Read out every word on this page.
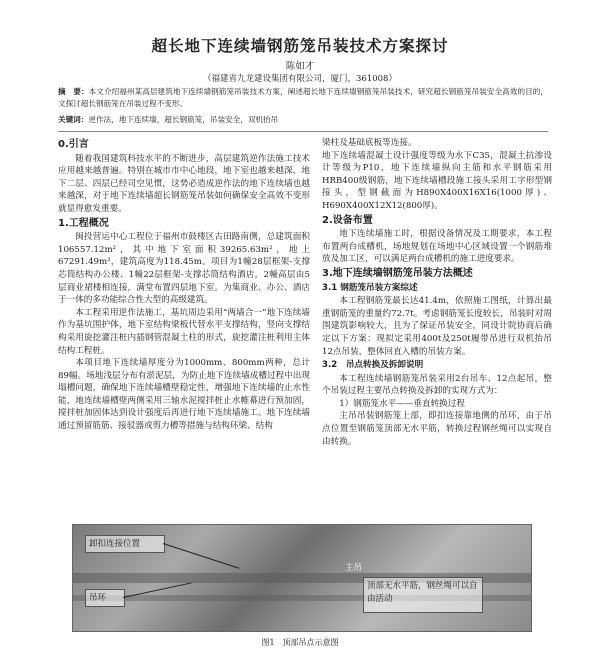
超长地下连续墙钢筋笼吊装技术方案探讨
陈如才
（福建省九龙建设集团有限公司，厦门，361008）
摘　要：本文介绍福州某高层建筑地下连续墙钢筋笼吊装技术方案，阐述超长地下连续墙钢筋笼吊装技术，研究超长钢筋笼吊装安全高效的目的，文探讨超长钢筋笼在吊装过程不变形。
关键词：逆作法，地下连续墙，超长钢筋笼，吊装安全，双机抬吊
0.引言

随着我国建筑科技水平的不断进步，高层建筑逆作法施工技术应用越来越普遍。特别在城市市中心地段，地下室也越来越深，地下二层、四层已经司空见惯，这势必造成逆作法的地下连续墙也越来越深，对于地下连续墙超长钢筋笼吊装如何确保安全高效不变形就显得愈发重要。

1.工程概况

闽投营运中心工程位于福州市鼓楼区古田路南侧，总建筑面积106557.12m²，其中地下室面积39265.63m²，地上67291.49m²，建筑高度为118.45m。项目为1幢28层框架-支撑芯筒结构办公楼、1幢22层框架-支撑芯筒结构酒店，2幢高层由5层商业裙楼相连接，满堂布置四层地下室。为集商业、办公、酒店于一体的多功能综合性大型的高级建筑。

本工程采用逆作法施工，基坑周边采用“两墙合一”地下连续墙作为基坑围护体，地下室结构梁板代替水平支撑结构，竖向支撑结构采用旋挖灌注桩内插钢管混凝土柱的形式，旋挖灌注桩利用主体结构工程桩。

本项目地下连续墙厚度分为1000mm、800mm两种，总计89幅。场地浅层分布有淤泥层，为防止地下连续墙成槽过程中出现塌槽问题，确保地下连续墙槽壁稳定性，增强地下连续墙的止水性能，地连续墙槽壁两侧采用三轴水泥搅拌桩止水帷幕进行预加固，搅拌桩加固体达到设计强度后再进行地下连续墙施工。地下连续墙通过预留筋筋、接驳器或剪力槽等措施与结构环梁、结构

梁柱及基础底板等连接。

地下连续墙混凝土设计强度等级为水下C35，混凝土抗渗设计等级为P10，地下连续墙纵向主筋和水平钢筋采用HRB400级钢筋，地下连续墙槽段施工接头采用工字形型钢接头，型钢截面为H890X400X16X16(1000厚)、H690X400X12X12(800厚)。

2.设备布置

地下连续墙施工时，根据设备情况及工期要求，本工程布置两台成槽机，场地规划在场地中心区域设置一个钢筋堆放及加工区，可以满足两台成槽机的施工进度要求。

3.地下连续墙钢筋笼吊装方法概述
3.1 钢筋笼吊装方案综述

本工程钢筋笼最长达41.4m，依照施工图纸，计算出最重钢筋笼的重量约72.7t。考虑钢筋笼长度较长，吊装时对周围建筑影响较大，且为了保证吊装安全，同设计院协商后确定以下方案：现拟定采用400t及250t履带吊进行双机抬吊12点吊装，整体回直入槽的吊装方案。

3.2　吊点转换及拆卸说明

本工程连续墙钢筋笼吊装采用2台吊车、12点起吊，整个吊装过程主要吊点转换及拆卸的实现方式为：

1）钢筋笼水平——垂直转换过程

主吊吊装钢筋笼上部，即扣连接靠地侧的吊环，由于吊点位置至钢筋笼顶部无水平筋，转换过程钢丝绳可以实现自由转换。

卸扣连接位置
吊环
主吊
顶部无水平筋，钢丝绳可以自由活动
图1　顶部吊点示意图
